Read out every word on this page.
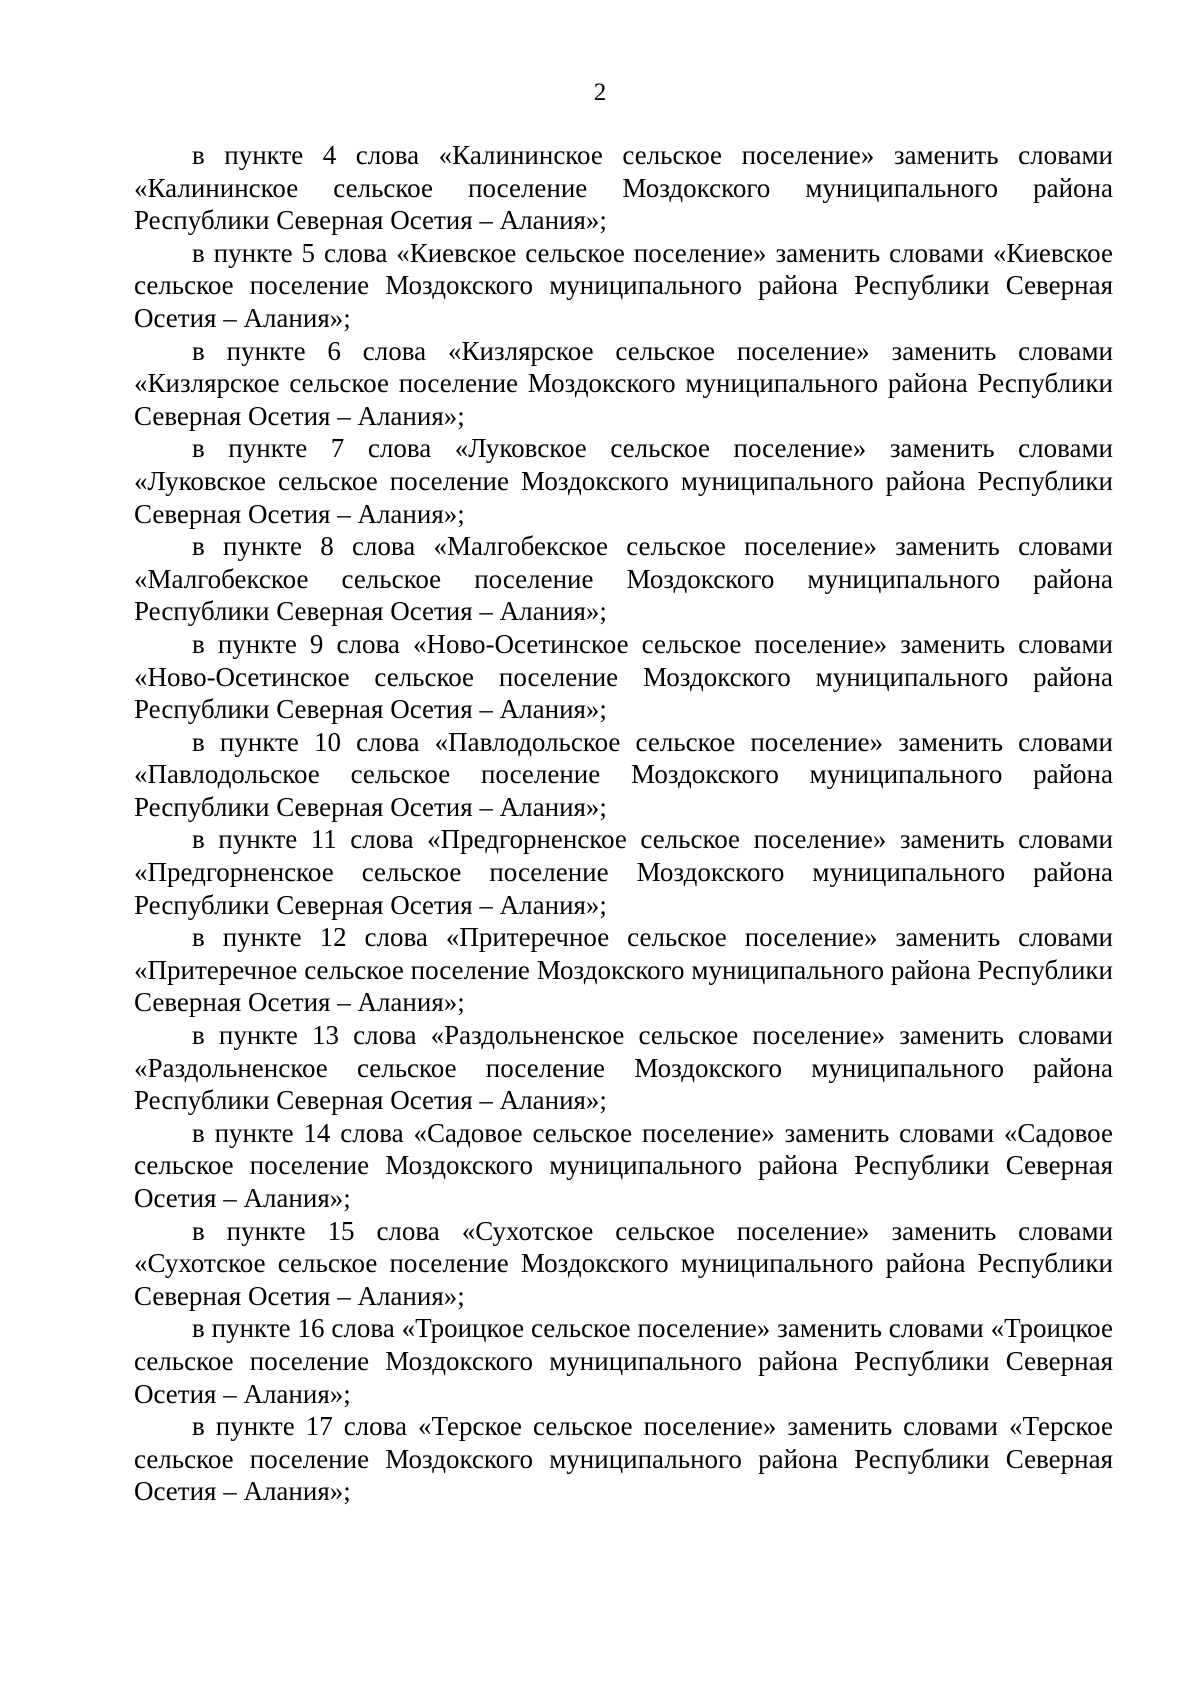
2

в пункте 4 слова «Калининское сельское поселение» заменить словами «Калининское сельское поселение Моздокского муниципального района Республики Северная Осетия – Алания»;

в пункте 5 слова «Киевское сельское поселение» заменить словами «Киевское сельское поселение Моздокского муниципального района Республики Северная Осетия – Алания»;

в пункте 6 слова «Кизлярское сельское поселение» заменить словами «Кизлярское сельское поселение Моздокского муниципального района Республики Северная Осетия – Алания»;

в пункте 7 слова «Луковское сельское поселение» заменить словами «Луковское сельское поселение Моздокского муниципального района Республики Северная Осетия – Алания»;

в пункте 8 слова «Малгобекское сельское поселение» заменить словами «Малгобекское сельское поселение Моздокского муниципального района Республики Северная Осетия – Алания»;

в пункте 9 слова «Ново-Осетинское сельское поселение» заменить словами «Ново-Осетинское сельское поселение Моздокского муниципального района Республики Северная Осетия – Алания»;

в пункте 10 слова «Павлодольское сельское поселение» заменить словами «Павлодольское сельское поселение Моздокского муниципального района Республики Северная Осетия – Алания»;

в пункте 11 слова «Предгорненское сельское поселение» заменить словами «Предгорненское сельское поселение Моздокского муниципального района Республики Северная Осетия – Алания»;

в пункте 12 слова «Притеречное сельское поселение» заменить словами «Притеречное сельское поселение Моздокского муниципального района Республики Северная Осетия – Алания»;

в пункте 13 слова «Раздольненское сельское поселение» заменить словами «Раздольненское сельское поселение Моздокского муниципального района Республики Северная Осетия – Алания»;

в пункте 14 слова «Садовое сельское поселение» заменить словами «Садовое сельское поселение Моздокского муниципального района Республики Северная Осетия – Алания»;

в пункте 15 слова «Сухотское сельское поселение» заменить словами «Сухотское сельское поселение Моздокского муниципального района Республики Северная Осетия – Алания»;

в пункте 16 слова «Троицкое сельское поселение» заменить словами «Троицкое сельское поселение Моздокского муниципального района Республики Северная Осетия – Алания»;

в пункте 17 слова «Терское сельское поселение» заменить словами «Терское сельское поселение Моздокского муниципального района Республики Северная Осетия – Алания»;
